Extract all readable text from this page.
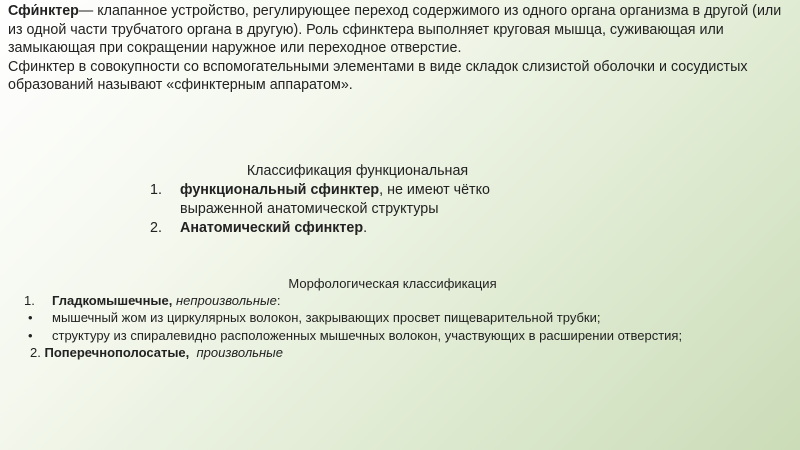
Сфи́нктер— клапанное устройство, регулирующее переход содержимого из одного органа организма в другой (или из одной части трубчатого органа в другую). Роль сфинктера выполняет круговая мышца, суживающая или замыкающая при сокращении наружное или переходное отверстие.

Сфинктер в совокупности со вспомогательными элементами в виде складок слизистой оболочки и сосудистых образований называют «сфинктерным аппаратом».

Классификация функциональная
1.	функциональный сфинктер, не имеют чётко выраженной анатомической структуры
2.	Анатомический сфинктер.
Морфологическая классификация
1.	Гладкомышечные, непроизвольные:
•	мышечный жом из циркулярных волокон, закрывающих просвет пищеварительной трубки;
•	структуру из спиралевидно расположенных мышечных волокон, участвующих в расширении отверстия;
2.
Поперечнополосатые,
произвольные
